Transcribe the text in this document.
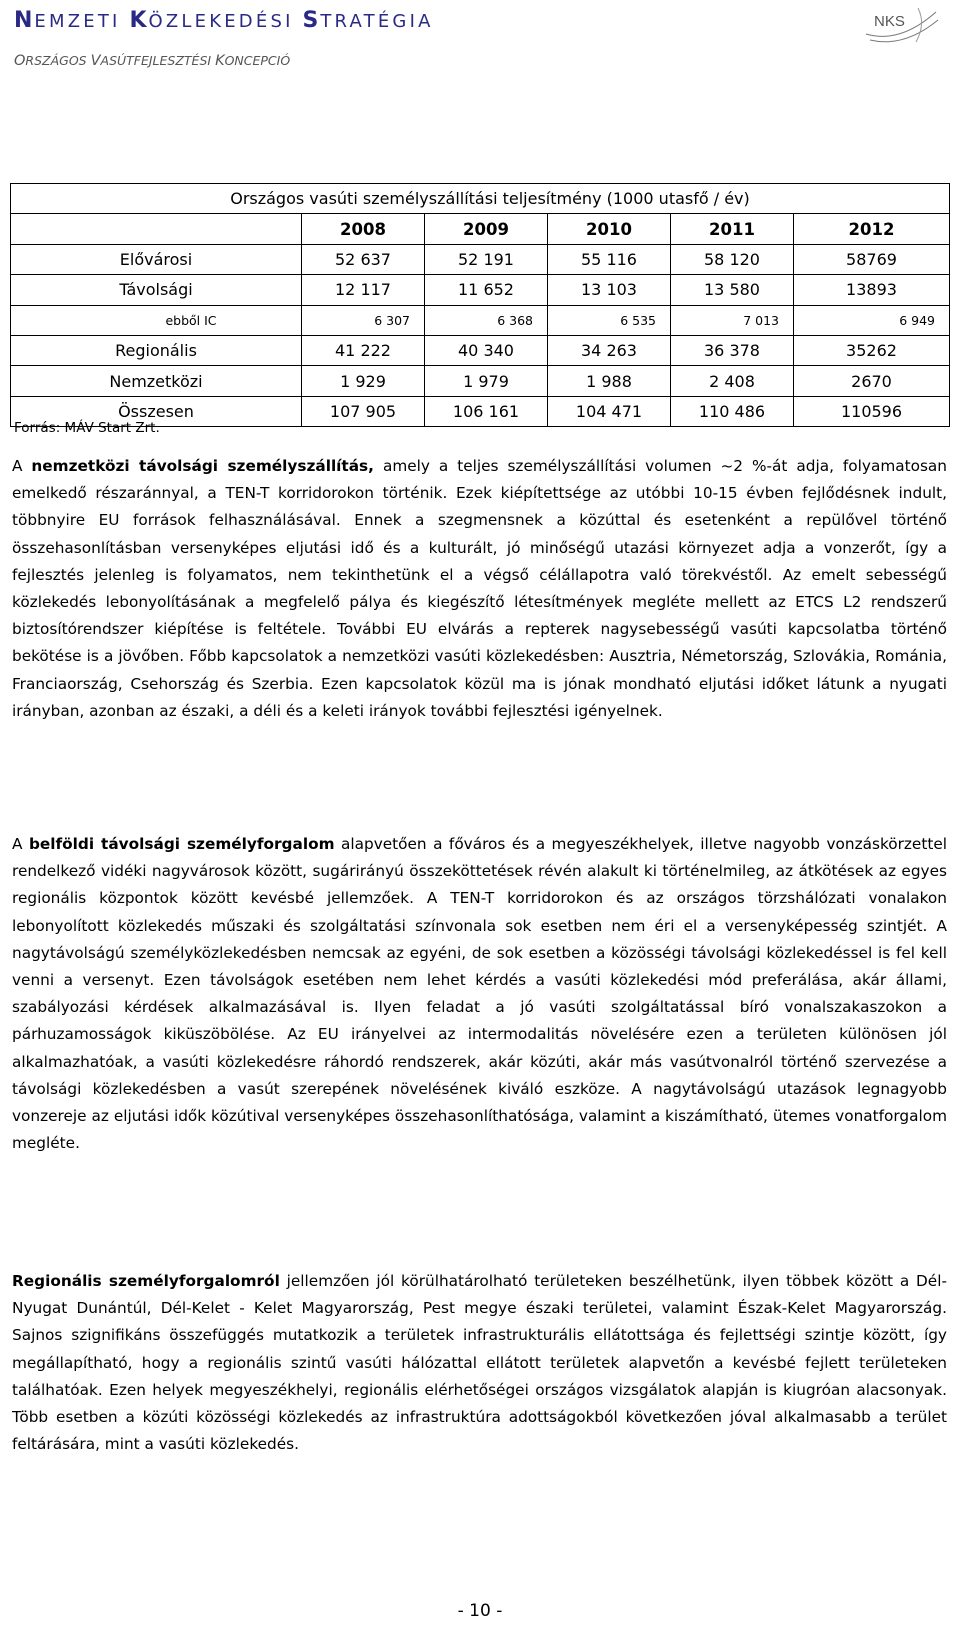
NEMZETI KÖZLEKEDÉSI STRATÉGIA
ORSZÁGOS VASÚTFEJLESZTÉSI KONCEPCIÓ
NKS
Országos vasúti személyszállítási teljesítmény (1000 utasfő / év)					
	2008	2009	2010	2011	2012
Elővárosi	52 637	52 191	55 116	58 120	58769
Távolsági	12 117	11 652	13 103	13 580	13893
ebből IC	6 307	6 368	6 535	7 013	6 949
Regionális	41 222	40 340	34 263	36 378	35262
Nemzetközi	1 929	1 979	1 988	2 408	2670
Összesen	107 905	106 161	104 471	110 486	110596
Forrás: MÁV Start Zrt.

A nemzetközi távolsági személyszállítás, amely a teljes személyszállítási volumen ~2 %-át adja, folyamatosan emelkedő részaránnyal, a TEN-T korridorokon történik. Ezek kiépítettsége az utóbbi 10-15 évben fejlődésnek indult, többnyire EU források felhasználásával. Ennek a szegmensnek a közúttal és esetenként a repülővel történő összehasonlításban versenyképes eljutási idő és a kulturált, jó minőségű utazási környezet adja a vonzerőt, így a fejlesztés jelenleg is folyamatos, nem tekinthetünk el a végső célállapotra való törekvéstől. Az emelt sebességű közlekedés lebonyolításának a megfelelő pálya és kiegészítő létesítmények megléte mellett az ETCS L2 rendszerű biztosítórendszer kiépítése is feltétele. További EU elvárás a repterek nagysebességű vasúti kapcsolatba történő bekötése is a jövőben. Főbb kapcsolatok a nemzetközi vasúti közlekedésben: Ausztria, Németország, Szlovákia, Románia, Franciaország, Csehország és Szerbia. Ezen kapcsolatok közül ma is jónak mondható eljutási időket látunk a nyugati irányban, azonban az északi, a déli és a keleti irányok további fejlesztési igényelnek.

A belföldi távolsági személyforgalom alapvetően a főváros és a megyeszékhelyek, illetve nagyobb vonzáskörzettel rendelkező vidéki nagyvárosok között, sugárirányú összeköttetések révén alakult ki történelmileg, az átkötések az egyes regionális központok között kevésbé jellemzőek. A TEN-T korridorokon és az országos törzshálózati vonalakon lebonyolított közlekedés műszaki és szolgáltatási színvonala sok esetben nem éri el a versenyképesség szintjét. A nagytávolságú személyközlekedésben nemcsak az egyéni, de sok esetben a közösségi távolsági közlekedéssel is fel kell venni a versenyt. Ezen távolságok esetében nem lehet kérdés a vasúti közlekedési mód preferálása, akár állami, szabályozási kérdések alkalmazásával is. Ilyen feladat a jó vasúti szolgáltatással bíró vonalszakaszokon a párhuzamosságok kiküszöbölése. Az EU irányelvei az intermodalitás növelésére ezen a területen különösen jól alkalmazhatóak, a vasúti közlekedésre ráhordó rendszerek, akár közúti, akár más vasútvonalról történő szervezése a távolsági közlekedésben a vasút szerepének növelésének kiváló eszköze. A nagytávolságú utazások legnagyobb vonzereje az eljutási idők közútival versenyképes összehasonlíthatósága, valamint a kiszámítható, ütemes vonatforgalom megléte.

Regionális személyforgalomról jellemzően jól körülhatárolható területeken beszélhetünk, ilyen többek között a Dél-Nyugat Dunántúl, Dél-Kelet - Kelet Magyarország, Pest megye északi területei, valamint Észak-Kelet Magyarország. Sajnos szignifikáns összefüggés mutatkozik a területek infrastrukturális ellátottsága és fejlettségi szintje között, így megállapítható, hogy a regionális szintű vasúti hálózattal ellátott területek alapvetőn a kevésbé fejlett területeken találhatóak. Ezen helyek megyeszékhelyi, regionális elérhetőségei országos vizsgálatok alapján is kiugróan alacsonyak. Több esetben a közúti közösségi közlekedés az infrastruktúra adottságokból következően jóval alkalmasabb a terület feltárására, mint a vasúti közlekedés.

- 10 -
